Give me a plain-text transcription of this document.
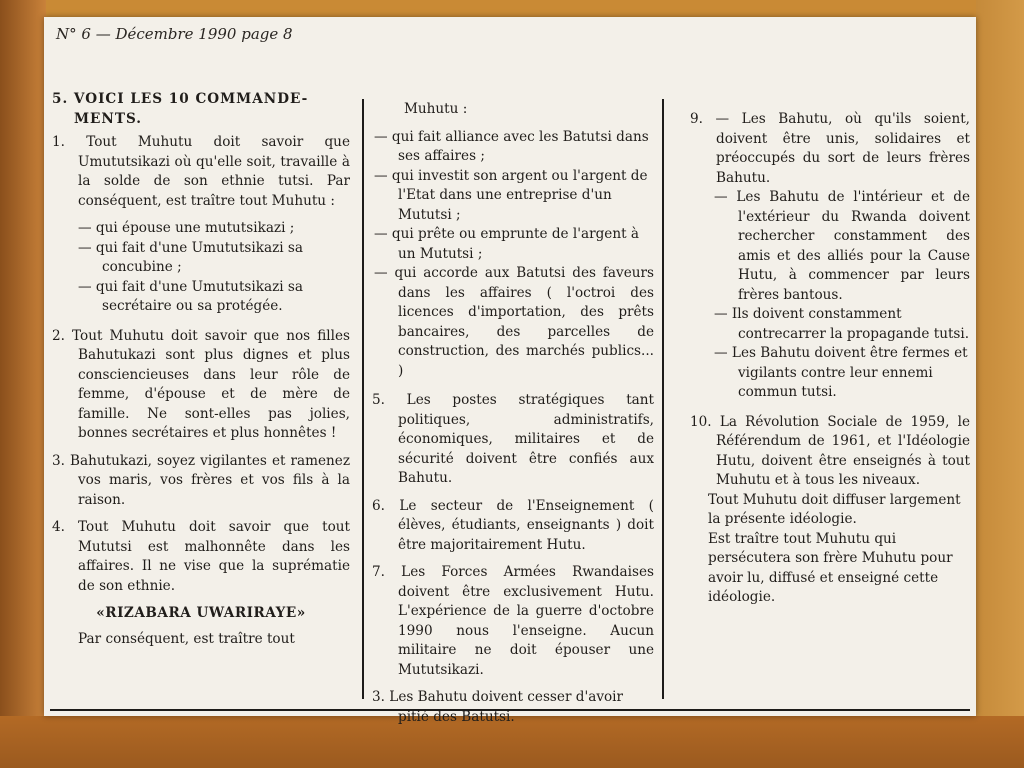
N° 6 — Décembre 1990 page 8

5. VOICI LES 10 COMMANDE-

MENTS.

1. Tout Muhutu doit savoir que Umututsikazi où qu'elle soit, travaille à la solde de son ethnie tutsi. Par conséquent, est traître tout Muhutu :

— qui épouse une mututsikazi ;

— qui fait d'une Umututsikazi sa concubine ;

— qui fait d'une Umututsikazi sa secrétaire ou sa protégée.

2. Tout Muhutu doit savoir que nos filles Bahutukazi sont plus dignes et plus consciencieuses dans leur rôle de femme, d'épouse et de mère de famille. Ne sont-elles pas jolies, bonnes secrétaires et plus honnêtes !

3. Bahutukazi, soyez vigilantes et ramenez vos maris, vos frères et vos fils à la raison.

4. Tout Muhutu doit savoir que tout Mututsi est malhonnête dans les affaires. Il ne vise que la suprématie de son ethnie.

«RIZABARA UWARIRAYE»

Par conséquent, est traître tout

Muhutu :

— qui fait alliance avec les Batutsi dans ses affaires ;

— qui investit son argent ou l'argent de l'Etat dans une entreprise d'un Mututsi ;

— qui prête ou emprunte de l'argent à un Mututsi ;

— qui accorde aux Batutsi des faveurs dans les affaires ( l'octroi des licences d'importation, des prêts bancaires, des parcelles de construction, des marchés publics... )

5. Les postes stratégiques tant politiques, administratifs, économiques, militaires et de sécurité doivent être confiés aux Bahutu.

6. Le secteur de l'Enseignement ( élèves, étudiants, enseignants ) doit être majoritairement Hutu.

7. Les Forces Armées Rwandaises doivent être exclusivement Hutu. L'expérience de la guerre d'octobre 1990 nous l'enseigne. Aucun militaire ne doit épouser une Mututsikazi.

3. Les Bahutu doivent cesser d'avoir pitié des Batutsi.

9. — Les Bahutu, où qu'ils soient, doivent être unis, solidaires et préoccupés du sort de leurs frères Bahutu.

— Les Bahutu de l'intérieur et de l'extérieur du Rwanda doivent rechercher constamment des amis et des alliés pour la Cause Hutu, à commencer par leurs frères bantous.

— Ils doivent constamment contrecarrer la propagande tutsi.

— Les Bahutu doivent être fermes et vigilants contre leur ennemi commun tutsi.

10. La Révolution Sociale de 1959, le Référendum de 1961, et l'Idéologie Hutu, doivent être enseignés à tout Muhutu et à tous les niveaux.

Tout Muhutu doit diffuser largement la présente idéologie.

Est traître tout Muhutu qui persécutera son frère Muhutu pour avoir lu, diffusé et enseigné cette idéologie.
